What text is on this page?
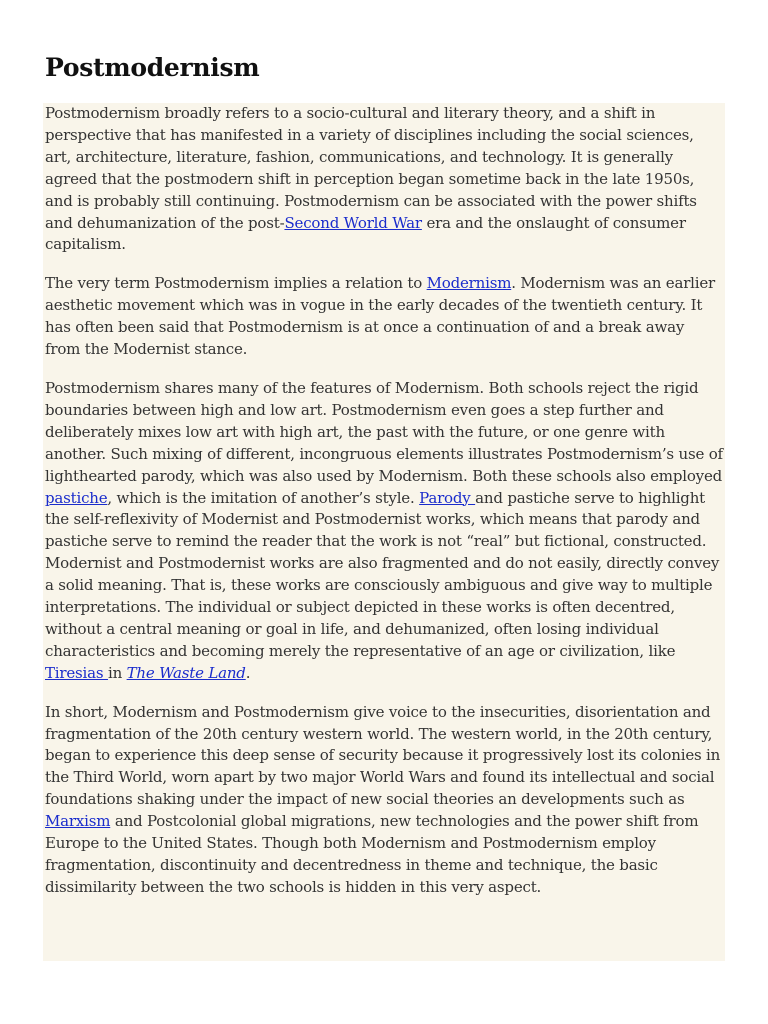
Postmodernism

Postmodernism broadly refers to a socio-cultural and literary theory, and a shift in perspective that has manifested in a variety of disciplines including the social sciences, art, architecture, literature, fashion, communications, and technology. It is generally agreed that the postmodern shift in perception began sometime back in the late 1950s, and is probably still continuing. Postmodernism can be associated with the power shifts and dehumanization of the post-Second World War era and the onslaught of consumer capitalism.

The very term Postmodernism implies a relation to Modernism. Modernism was an earlier aesthetic movement which was in vogue in the early decades of the twentieth century. It has often been said that Postmodernism is at once a continuation of and a break away from the Modernist stance.

Postmodernism shares many of the features of Modernism. Both schools reject the rigid boundaries between high and low art. Postmodernism even goes a step further and deliberately mixes low art with high art, the past with the future, or one genre with another. Such mixing of different, incongruous elements illustrates Postmodernism’s use of lighthearted parody, which was also used by Modernism. Both these schools also employed pastiche, which is the imitation of another’s style. Parody and pastiche serve to highlight the self-reflexivity of Modernist and Postmodernist works, which means that parody and pastiche serve to remind the reader that the work is not “real” but fictional, constructed. Modernist and Postmodernist works are also fragmented and do not easily, directly convey a solid meaning. That is, these works are consciously ambiguous and give way to multiple interpretations. The individual or subject depicted in these works is often decentred, without a central meaning or goal in life, and dehumanized, often losing individual characteristics and becoming merely the representative of an age or civilization, like Tiresias in The Waste Land.

In short, Modernism and Postmodernism give voice to the insecurities, disorientation and fragmentation of the 20th century western world. The western world, in the 20th century, began to experience this deep sense of security because it progressively lost its colonies in the Third World, worn apart by two major World Wars and found its intellectual and social foundations shaking under the impact of new social theories an developments such as Marxism and Postcolonial global migrations, new technologies and the power shift from Europe to the United States. Though both Modernism and Postmodernism employ fragmentation, discontinuity and decentredness in theme and technique, the basic dissimilarity between the two schools is hidden in this very aspect.
